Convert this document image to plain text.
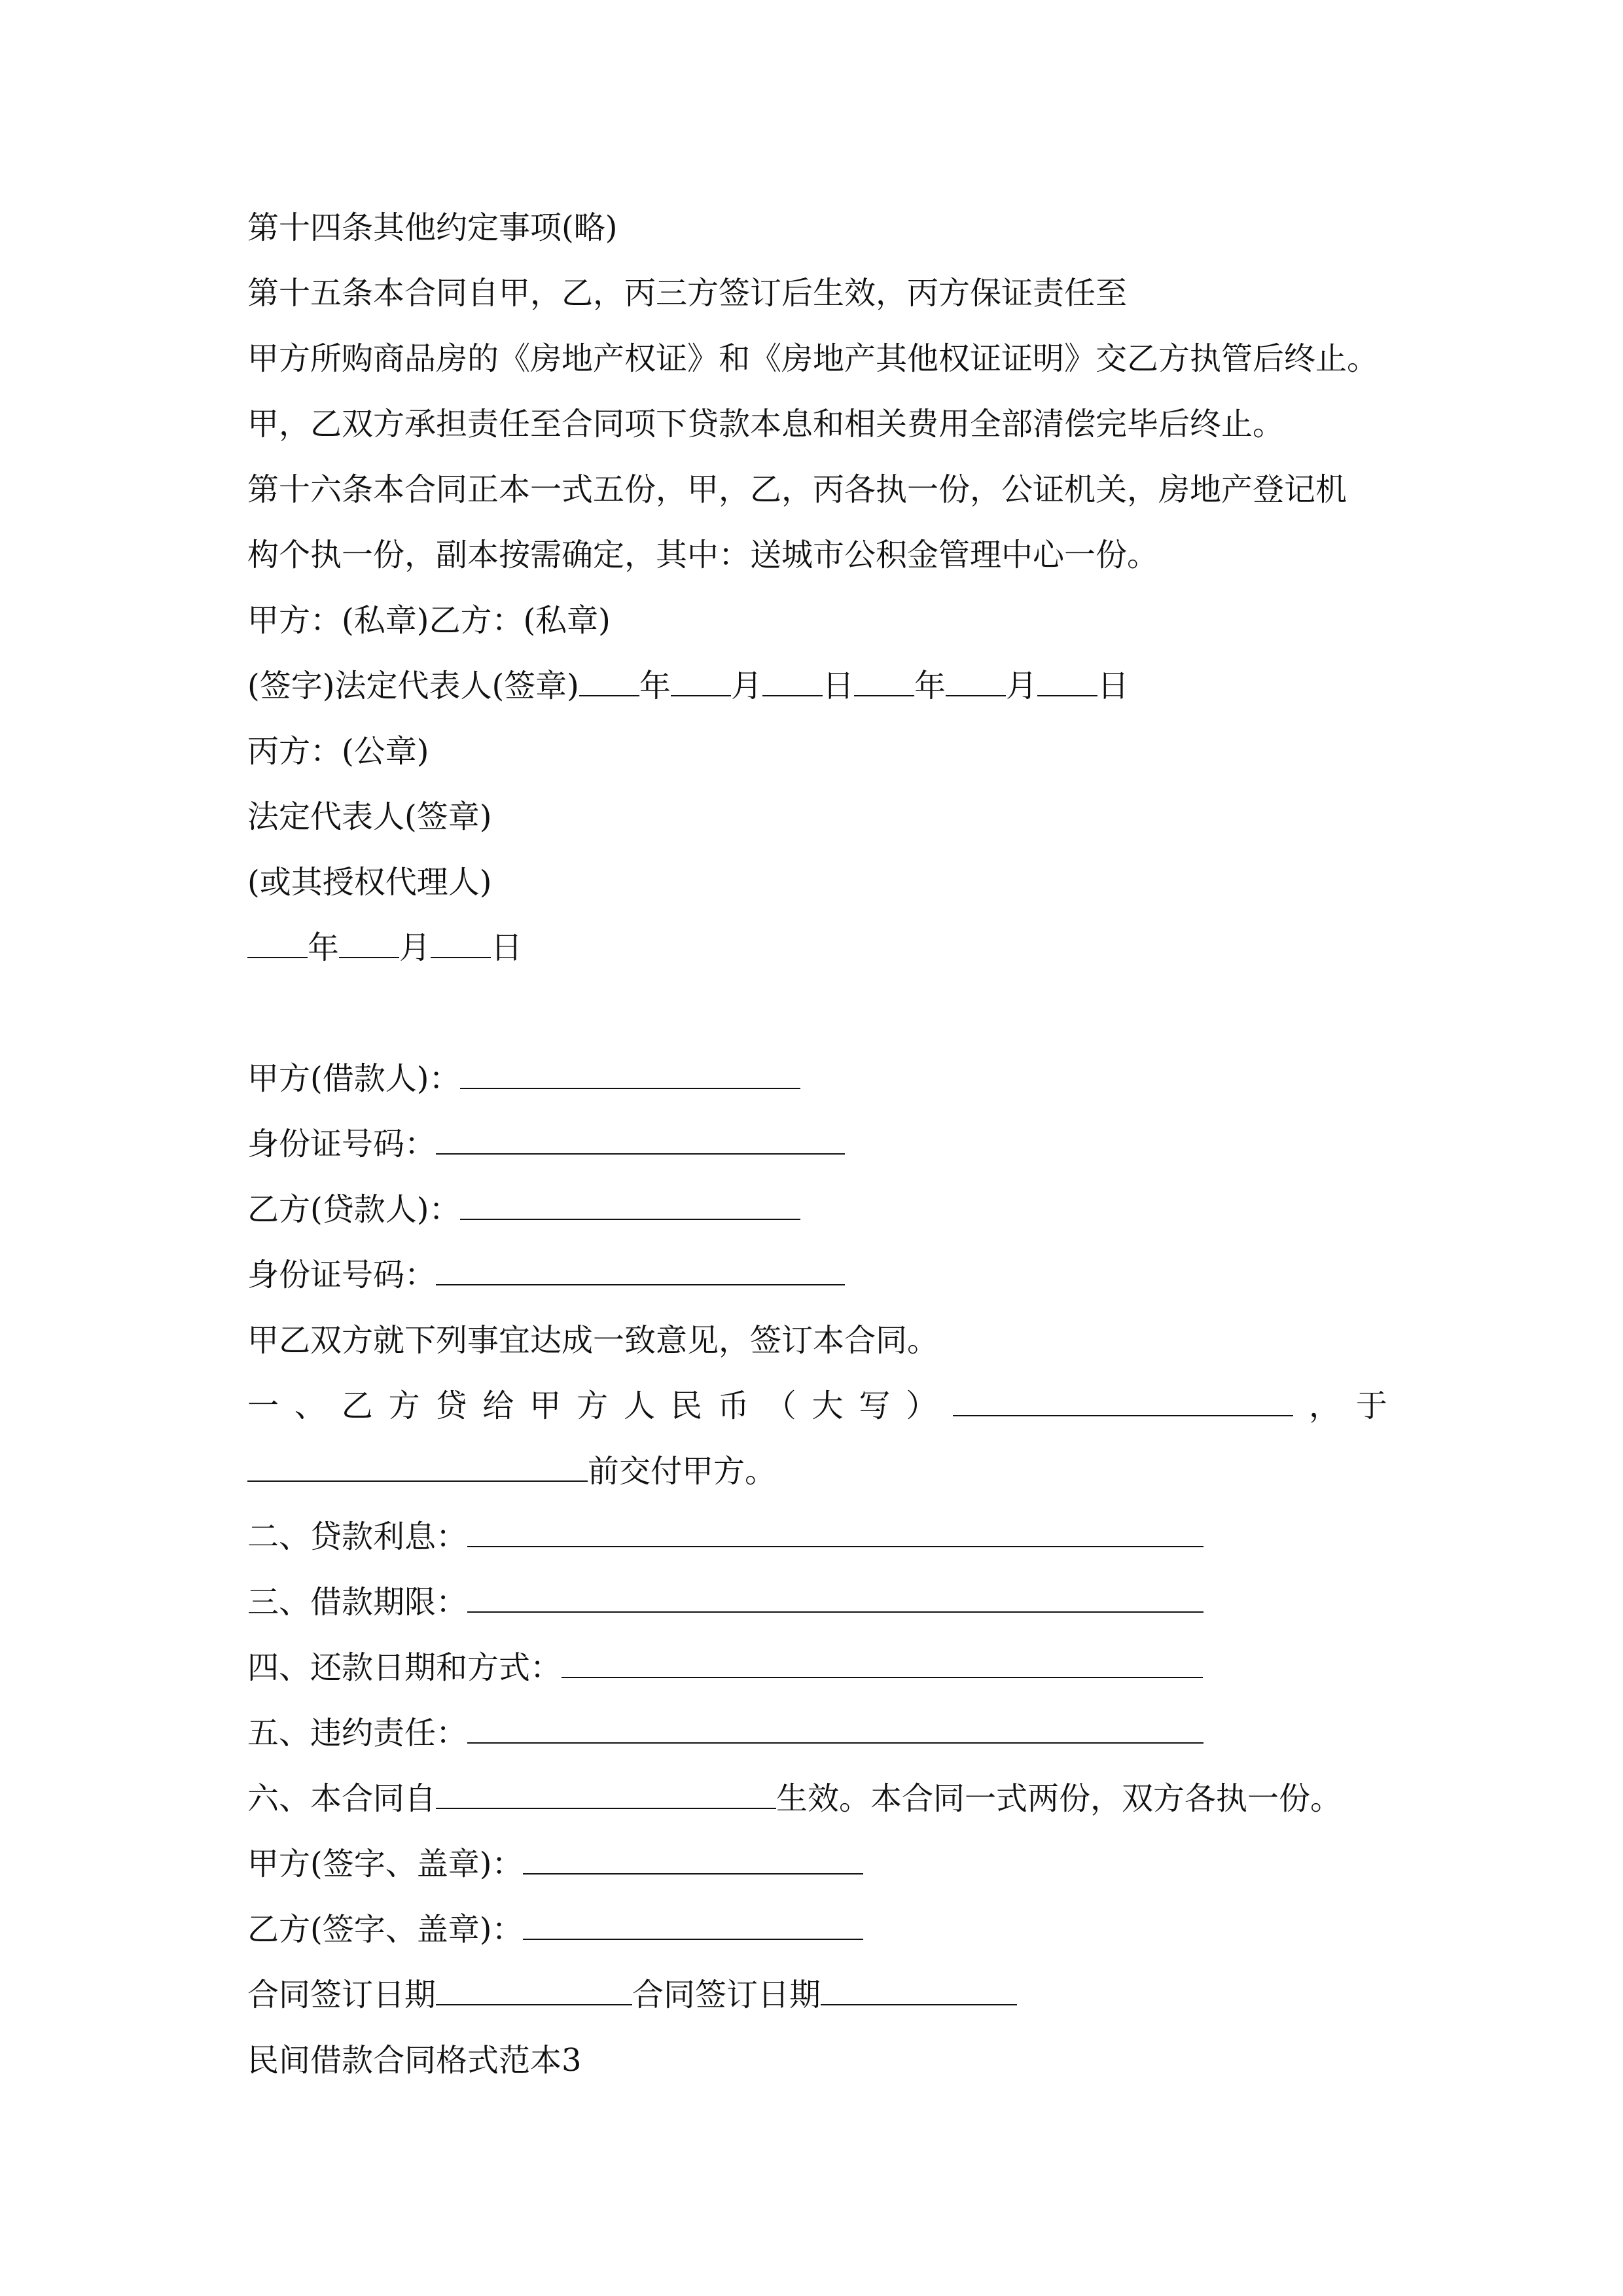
第十四条其他约定事项(略)
第十五条本合同自甲，乙，丙三方签订后生效，丙方保证责任至
甲方所购商品房的《房地产权证》和《房地产其他权证证明》交乙方执管后终止。
甲，乙双方承担责任至合同项下贷款本息和相关费用全部清偿完毕后终止。
第十六条本合同正本一式五份，甲，乙，丙各执一份，公证机关，房地产登记机
构个执一份，副本按需确定，其中：送城市公积金管理中心一份。
甲方：(私章)乙方：(私章)
(签字)法定代表人(签章) 年 月 日 年 月 日
丙方：(公章)
法定代表人(签章)
(或其授权代理人)
年 月 日
甲方(借款人)：
身份证号码：
乙方(贷款人)：
身份证号码：
甲乙双方就下列事宜达成一致意见，签订本合同。
一 、 乙 方 贷 给 甲 方 人 民 币 （ 大 写 ）	， 于
前交付甲方。
二、贷款利息：
三、借款期限：
四、还款日期和方式：
五、违约责任：
六、本合同自	生效。本合同一式两份，双方各执一份。
甲方(签字、盖章)：
乙方(签字、盖章)：
合同签订日期	合同签订日期
民间借款合同格式范本3
